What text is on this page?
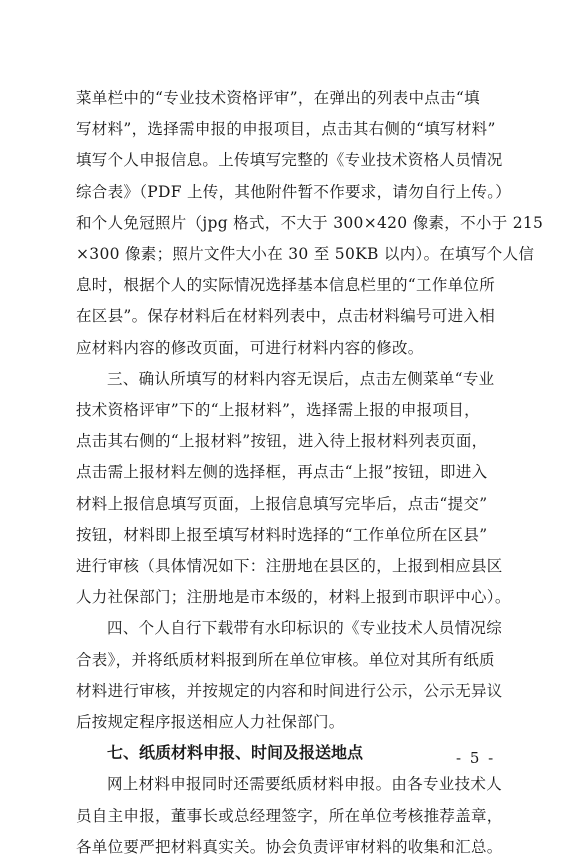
菜单栏中的“专业技术资格评审”，在弹出的列表中点击“填
写材料”，选择需申报的申报项目，点击其右侧的“填写材料”
填写个人申报信息。上传填写完整的《专业技术资格人员情况
综合表》（PDF 上传，其他附件暂不作要求，请勿自行上传。）
和个人免冠照片（jpg 格式，不大于 300×420 像素，不小于 215
×300 像素；照片文件大小在 30 至 50KB 以内）。在填写个人信
息时，根据个人的实际情况选择基本信息栏里的“工作单位所
在区县”。保存材料后在材料列表中，点击材料编号可进入相
应材料内容的修改页面，可进行材料内容的修改。
三、确认所填写的材料内容无误后，点击左侧菜单“专业
技术资格评审”下的“上报材料”，选择需上报的申报项目，
点击其右侧的“上报材料”按钮，进入待上报材料列表页面，
点击需上报材料左侧的选择框，再点击“上报”按钮，即进入
材料上报信息填写页面，上报信息填写完毕后，点击“提交”
按钮，材料即上报至填写材料时选择的“工作单位所在区县”
进行审核（具体情况如下：注册地在县区的，上报到相应县区
人力社保部门；注册地是市本级的，材料上报到市职评中心）。
四、个人自行下载带有水印标识的《专业技术人员情况综
合表》，并将纸质材料报到所在单位审核。单位对其所有纸质
材料进行审核，并按规定的内容和时间进行公示，公示无异议
后按规定程序报送相应人力社保部门。
- 5 -
七、纸质材料申报、时间及报送地点
网上材料申报同时还需要纸质材料申报。由各专业技术人
员自主申报，董事长或总经理签字，所在单位考核推荐盖章，
各单位要严把材料真实关。协会负责评审材料的收集和汇总。
